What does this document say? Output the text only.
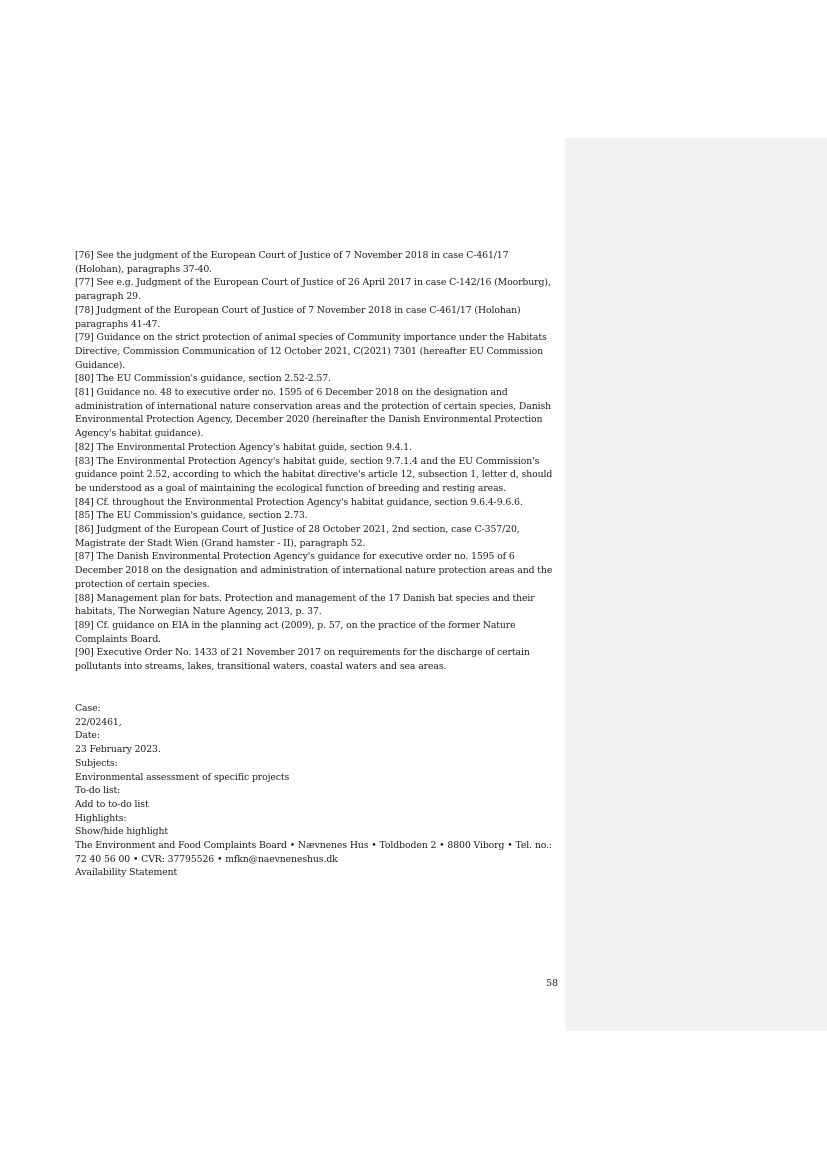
[76] See the judgment of the European Court of Justice of 7 November 2018 in case C-461/17 (Holohan), paragraphs 37-40.

[77] See e.g. Judgment of the European Court of Justice of 26 April 2017 in case C-142/16 (Moorburg), paragraph 29.

[78] Judgment of the European Court of Justice of 7 November 2018 in case C-461/17 (Holohan) paragraphs 41-47.

[79] Guidance on the strict protection of animal species of Community importance under the Habitats Directive, Commission Communication of 12 October 2021, C(2021) 7301 (hereafter EU Commission Guidance).

[80] The EU Commission's guidance, section 2.52-2.57.

[81] Guidance no. 48 to executive order no. 1595 of 6 December 2018 on the designation and administration of international nature conservation areas and the protection of certain species, Danish Environmental Protection Agency, December 2020 (hereinafter the Danish Environmental Protection Agency's habitat guidance).

[82] The Environmental Protection Agency's habitat guide, section 9.4.1.

[83] The Environmental Protection Agency's habitat guide, section 9.7.1.4 and the EU Commission's guidance point 2.52, according to which the habitat directive's article 12, subsection 1, letter d, should be understood as a goal of maintaining the ecological function of breeding and resting areas.

[84] Cf. throughout the Environmental Protection Agency's habitat guidance, section 9.6.4-9.6.6.

[85] The EU Commission's guidance, section 2.73.

[86] Judgment of the European Court of Justice of 28 October 2021, 2nd section, case C-357/20, Magistrate der Stadt Wien (Grand hamster - II), paragraph 52.

[87] The Danish Environmental Protection Agency's guidance for executive order no. 1595 of 6 December 2018 on the designation and administration of international nature protection areas and the protection of certain species.

[88] Management plan for bats. Protection and management of the 17 Danish bat species and their habitats, The Norwegian Nature Agency, 2013, p. 37.

[89] Cf. guidance on EIA in the planning act (2009), p. 57, on the practice of the former Nature Complaints Board.

[90] Executive Order No. 1433 of 21 November 2017 on requirements for the discharge of certain pollutants into streams, lakes, transitional waters, coastal waters and sea areas.

Case:

22/02461,

Date:

23 February 2023.

Subjects:

Environmental assessment of specific projects

To-do list:

Add to to-do list

Highlights:

Show/hide highlight

The Environment and Food Complaints Board • Nævnenes Hus • Toldboden 2 • 8800 Viborg • Tel. no.: 72 40 56 00 • CVR: 37795526 • mfkn@naevneneshus.dk

Availability Statement

58
